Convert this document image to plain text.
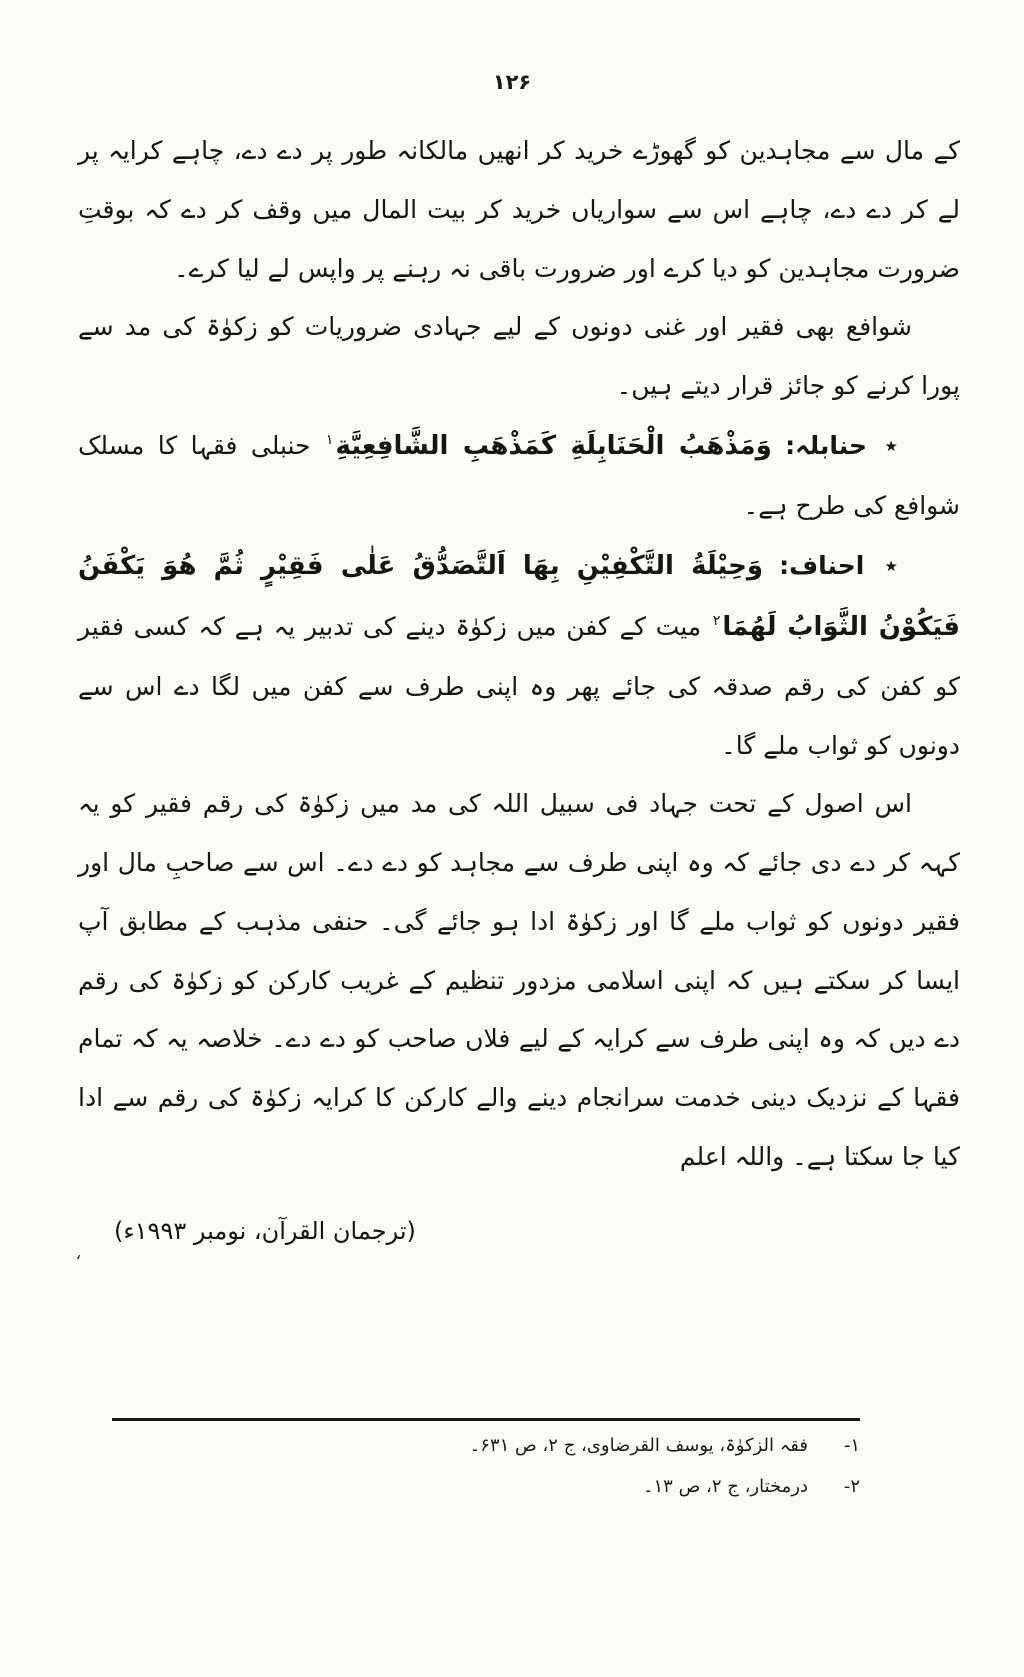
۱۲۶

کے مال سے مجاہدین کو گھوڑے خرید کر انھیں مالکانہ طور پر دے دے، چاہے کرایہ پر لے کر دے دے، چاہے اس سے سواریاں خرید کر بیت المال میں وقف کر دے کہ بوقتِ ضرورت مجاہدین کو دیا کرے اور ضرورت باقی نہ رہنے پر واپس لے لیا کرے۔

شوافع بھی فقیر اور غنی دونوں کے لیے جہادی ضروریات کو زکوٰۃ کی مد سے پورا کرنے کو جائز قرار دیتے ہیں۔

٭ حنابلہ: وَمَذْهَبُ الْحَنَابِلَةِ كَمَذْهَبِ الشَّافِعِيَّةِ$^۱$ حنبلی فقہا کا مسلک شوافع کی طرح ہے۔

٭ احناف: وَحِيْلَةُ التَّكْفِيْنِ بِهَا اَلتَّصَدُّقُ عَلٰى فَقِيْرٍ ثُمَّ هُوَ يَكْفَنُ فَيَكُوْنُ الثَّوَابُ لَهُمَا$^۲$ میت کے کفن میں زکوٰۃ دینے کی تدبیر یہ ہے کہ کسی فقیر کو کفن کی رقم صدقہ کی جائے پھر وہ اپنی طرف سے کفن میں لگا دے اس سے دونوں کو ثواب ملے گا۔

اس اصول کے تحت جہاد فی سبیل اللہ کی مد میں زکوٰۃ کی رقم فقیر کو یہ کہہ کر دے دی جائے کہ وہ اپنی طرف سے مجاہد کو دے دے۔ اس سے صاحبِ مال اور فقیر دونوں کو ثواب ملے گا اور زکوٰۃ ادا ہو جائے گی۔ حنفی مذہب کے مطابق آپ ایسا کر سکتے ہیں کہ اپنی اسلامی مزدور تنظیم کے غریب کارکن کو زکوٰۃ کی رقم دے دیں کہ وہ اپنی طرف سے کرایہ کے لیے فلاں صاحب کو دے دے۔ خلاصہ یہ کہ تمام فقہا کے نزدیک دینی خدمت سرانجام دینے والے کارکن کا کرایہ زکوٰۃ کی رقم سے ادا کیا جا سکتا ہے۔ واللہ اعلم

(ترجمان القرآن، نومبر ۱۹۹۳ء)

،
۱-
فقہ الزکوٰۃ، یوسف القرضاوی، ج ۲، ص ۶۳۱۔
۲-
درمختار، ج ۲، ص ۱۳۔
